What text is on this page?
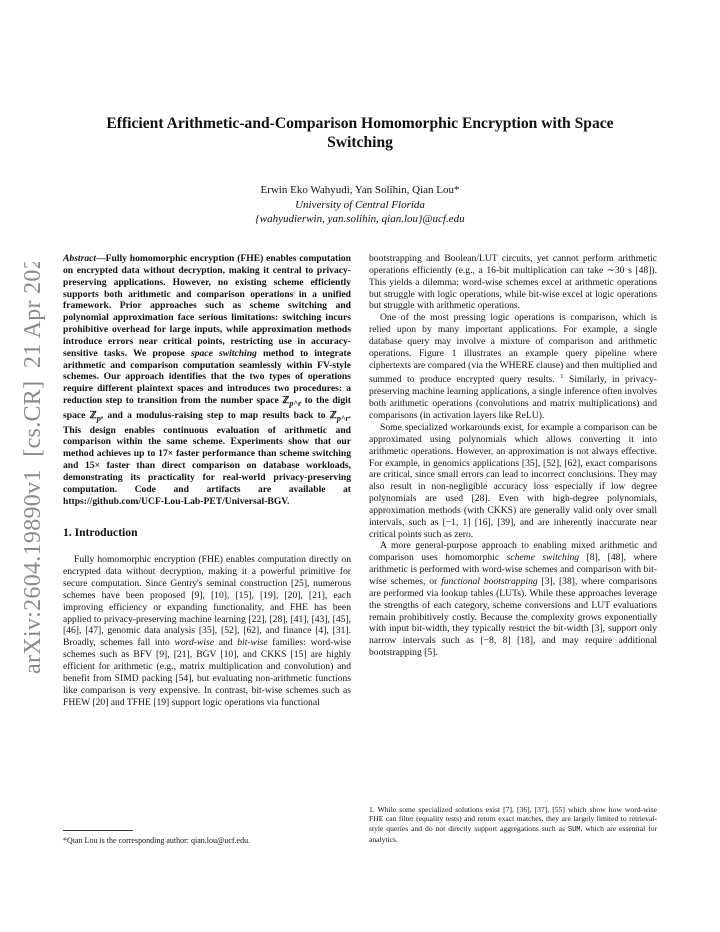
arXiv:2604.19890v1  [cs.CR]  21 Apr 2026
Efficient Arithmetic-and-Comparison Homomorphic Encryption with Space
Switching
Erwin Eko Wahyudi, Yan Solihin, Qian Lou*
University of Central Florida
{wahyudierwin, yan.solihin, qian.lou}@ucf.edu
Abstract—Fully homomorphic encryption (FHE) enables computation on encrypted data without decryption, making it central to privacy-preserving applications. However, no existing scheme efficiently supports both arithmetic and comparison operations in a unified framework. Prior approaches such as scheme switching and polynomial approximation face serious limitations: switching incurs prohibitive overhead for large inputs, while approximation methods introduce errors near critical points, restricting use in accuracy-sensitive tasks. We propose space switching method to integrate arithmetic and comparison computation seamlessly within FV-style schemes. Our approach identifies that the two types of operations require different plaintext spaces and introduces two procedures: a reduction step to transition from the number space ℤ$_{p\^{}r}$ to the digit space ℤ$_p$, and a modulus-raising step to map results back to ℤ$_{p\^{}r}$. This design enables continuous evaluation of arithmetic and comparison within the same scheme. Experiments show that our method achieves up to 17× faster performance than scheme switching and 15× faster than direct comparison on database workloads, demonstrating its practicality for real-world privacy-preserving computation. Code and artifacts are available at https://github.com/UCF-Lou-Lab-PET/Universal-BGV.
1. Introduction

Fully homomorphic encryption (FHE) enables computation directly on encrypted data without decryption, making it a powerful primitive for secure computation. Since Gentry's seminal construction [25], numerous schemes have been proposed [9], [10], [15], [19], [20], [21], each improving efficiency or expanding functionality, and FHE has been applied to privacy-preserving machine learning [22], [28], [41], [43], [45], [46], [47], genomic data analysis [35], [52], [62], and finance [4], [31]. Broadly, schemes fall into word-wise and bit-wise families: word-wise schemes such as BFV [9], [21], BGV [10], and CKKS [15] are highly efficient for arithmetic (e.g., matrix multiplication and convolution) and benefit from SIMD packing [54], but evaluating non-arithmetic functions like comparison is very expensive. In contrast, bit-wise schemes such as FHEW [20] and TFHE [19] support logic operations via functional

bootstrapping and Boolean/LUT circuits, yet cannot perform arithmetic operations efficiently (e.g., a 16-bit multiplication can take ∼30 s [48]). This yields a dilemma: word-wise schemes excel at arithmetic operations but struggle with logic operations, while bit-wise excel at logic operations but struggle with arithmetic operations.

One of the most pressing logic operations is comparison, which is relied upon by many important applications. For example, a single database query may involve a mixture of comparison and arithmetic operations. Figure 1 illustrates an example query pipeline where ciphertexts are compared (via the WHERE clause) and then multiplied and summed to produce encrypted query results. $^1$ Similarly, in privacy-preserving machine learning applications, a single inference often involves both arithmetic operations (convolutions and matrix multiplications) and comparisons (in activation layers like ReLU).

Some specialized workarounds exist, for example a comparison can be approximated using polynomials which allows converting it into arithmetic operations. However, an approximation is not always effective. For example, in genomics applications [35], [52], [62], exact comparisons are critical, since small errors can lead to incorrect conclusions. They may also result in non-negligible accuracy loss especially if low degree polynomials are used [28]. Even with high-degree polynomials, approximation methods (with CKKS) are generally valid only over small intervals, such as [−1, 1] [16], [39], and are inherently inaccurate near critical points such as zero.

A more general-purpose approach to enabling mixed arithmetic and comparison uses homomorphic scheme switching [8], [48], where arithmetic is performed with word-wise schemes and comparison with bit-wise schemes, or functional bootstrapping [3], [38], where comparisons are performed via lookup tables (LUTs). While these approaches leverage the strengths of each category, scheme conversions and LUT evaluations remain prohibitively costly. Because the complexity grows exponentially with input bit-width, they typically restrict the bit-width [3], support only narrow intervals such as [−8, 8] [18], and may require additional bootstrapping [5].

*Qian Lou is the corresponding author: qian.lou@ucf.edu.
1. While some specialized solutions exist [7], [36], [37], [55] which show how word-wise FHE can filter (equality tests) and return exact matches, they are largely limited to retrieval-style queries and do not directly support aggregations such as SUM, which are essential for analytics.
